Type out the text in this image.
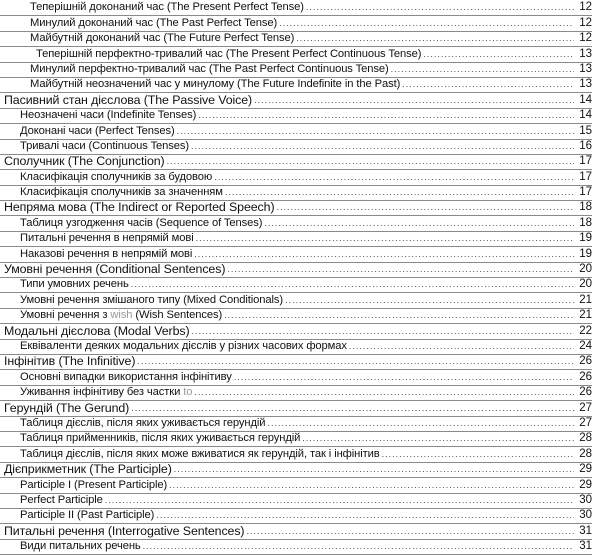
Теперішній доконаний час (The Present Perfect Tense) .....	12
Минулий доконаний час (The Past Perfect Tense) .....	12
Майбутній доконаний час (The Future Perfect Tense) .....	12
Теперішній перфектно-тривалий час (The Present Perfect Continuous Tense) .....	13
Минулий перфектно-тривалий час (The Past Perfect Continuous Tense) .....	13
Майбутній неозначений час у минулому (The Future Indefinite in the Past) .....	13
Пасивний стан дієслова (The Passive Voice) .....	14
Неозначені часи (Indefinite Tenses) .....	14
Доконані часи (Perfect Tenses) .....	15
Тривалі часи (Continuous Tenses) .....	16
Сполучник (The Conjunction) .....	17
Класифікація сполучників за будовою .....	17
Класифікація сполучників за значенням .....	17
Непряма мова (The Indirect or Reported Speech) .....	18
Таблиця узгодження часів (Sequence of Tenses) .....	18
Питальні речення в непрямій мові .....	19
Наказові речення в непрямій мові .....	19
Умовні речення (Conditional Sentences) .....	20
Типи умовних речень .....	20
Умовні речення змішаного типу (Mixed Conditionals) .....	21
Умовні речення з wish (Wish Sentences) .....	21
Модальні дієслова (Modal Verbs) .....	22
Еквіваленти деяких модальних дієслів у різних часових формах .....	24
Інфінітив (The Infinitive) .....	26
Основні випадки використання інфінітиву .....	26
Уживання інфінітиву без частки to .....	26
Герундій (The Gerund) .....	27
Таблиця дієслів, після яких уживається герундій .....	27
Таблиця прийменників, після яких уживається герундій .....	28
Таблиця дієслів, після яких може вживатися як герундій, так і інфінітив .....	28
Дієприкметник (The Participle) .....	29
Participle I (Present Participle) .....	29
Perfect Participle .....	30
Participle II (Past Participle) .....	30
Питальні речення (Interrogative Sentences) .....	31
Види питальних речень .....	31
